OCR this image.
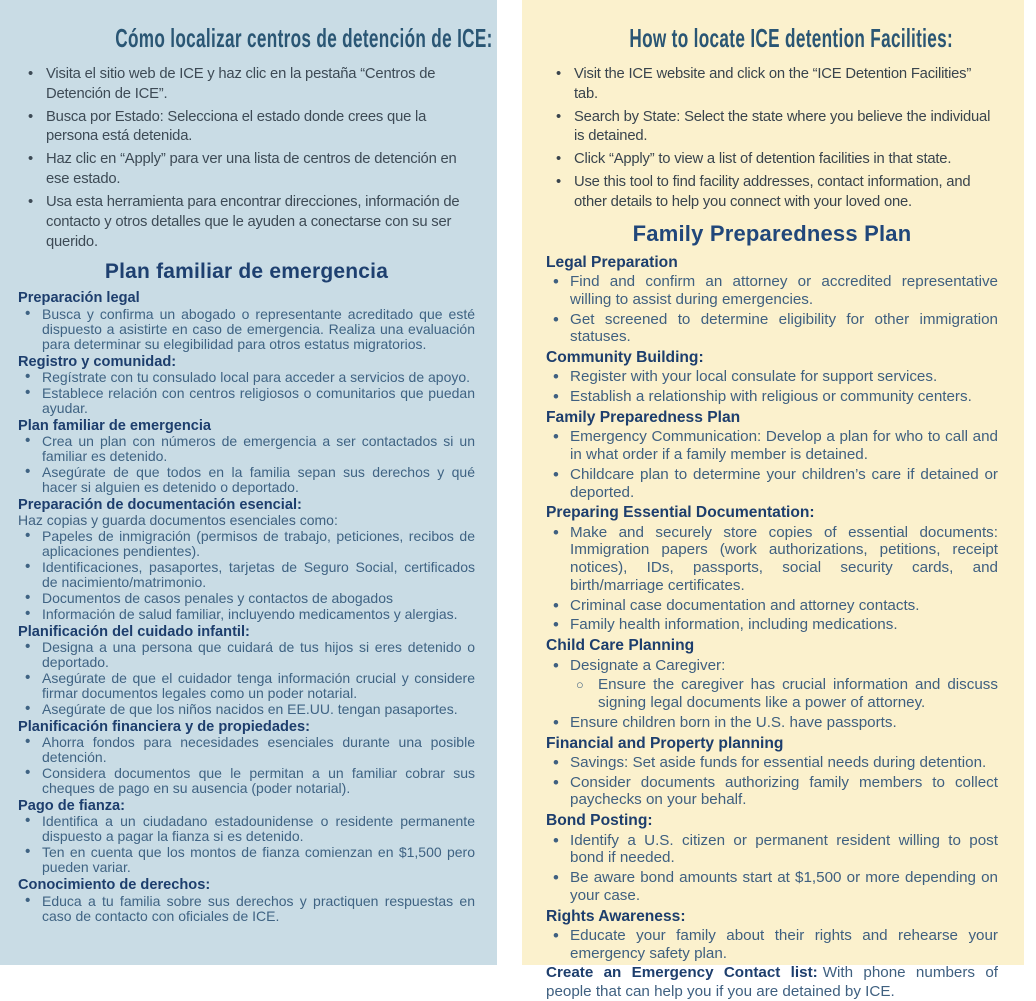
Cómo localizar centros de detención de ICE:
• Visita el sitio web de ICE y haz clic en la pestaña “Centros de Detención de ICE”.
• Busca por Estado: Selecciona el estado donde crees que la persona está detenida.
• Haz clic en “Apply” para ver una lista de centros de detención en ese estado.
• Usa esta herramienta para encontrar direcciones, información de contacto y otros detalles que le ayuden a conectarse con su ser querido.
Plan familiar de emergencia
Preparación legal
• Busca y confirma un abogado o representante acreditado que esté dispuesto a asistirte en caso de emergencia. Realiza una evaluación para determinar su elegibilidad para otros estatus migratorios.
Registro y comunidad:
• Regístrate con tu consulado local para acceder a servicios de apoyo.
• Establece relación con centros religiosos o comunitarios que puedan ayudar.
Plan familiar de emergencia
• Crea un plan con números de emergencia a ser contactados si un familiar es detenido.
• Asegúrate de que todos en la familia sepan sus derechos y qué hacer si alguien es detenido o deportado.
Preparación de documentación esencial:

Haz copias y guarda documentos esenciales como:

• Papeles de inmigración (permisos de trabajo, peticiones, recibos de aplicaciones pendientes).
• Identificaciones, pasaportes, tarjetas de Seguro Social, certificados de nacimiento/matrimonio.
• Documentos de casos penales y contactos de abogados
• Información de salud familiar, incluyendo medicamentos y alergias.
Planificación del cuidado infantil:
• Designa a una persona que cuidará de tus hijos si eres detenido o deportado.
• Asegúrate de que el cuidador tenga información crucial y considere firmar documentos legales como un poder notarial.
• Asegúrate de que los niños nacidos en EE.UU. tengan pasaportes.
Planificación financiera y de propiedades:
• Ahorra fondos para necesidades esenciales durante una posible detención.
• Considera documentos que le permitan a un familiar cobrar sus cheques de pago en su ausencia (poder notarial).
Pago de fianza:
• Identifica a un ciudadano estadounidense o residente permanente dispuesto a pagar la fianza si es detenido.
• Ten en cuenta que los montos de fianza comienzan en $1,500 pero pueden variar.
Conocimiento de derechos:
• Educa a tu familia sobre sus derechos y practiquen respuestas en caso de contacto con oficiales de ICE.
How to locate ICE detention Facilities:
• Visit the ICE website and click on the “ICE Detention Facilities” tab.
• Search by State: Select the state where you believe the individual is detained.
• Click “Apply” to view a list of detention facilities in that state.
• Use this tool to find facility addresses, contact information, and other details to help you connect with your loved one.
Family Preparedness Plan
Legal Preparation
• Find and confirm an attorney or accredited representative willing to assist during emergencies.
• Get screened to determine eligibility for other immigration statuses.
Community Building:
• Register with your local consulate for support services.
• Establish a relationship with religious or community centers.
Family Preparedness Plan
• Emergency Communication: Develop a plan for who to call and in what order if a family member is detained.
• Childcare plan to determine your children’s care if detained or deported.
Preparing Essential Documentation:
• Make and securely store copies of essential documents: Immigration papers (work authorizations, petitions, receipt notices), IDs, passports, social security cards, and birth/marriage certificates.
• Criminal case documentation and attorney contacts.
• Family health information, including medications.
Child Care Planning
• Designate a Caregiver:
○ Ensure the caregiver has crucial information and discuss signing legal documents like a power of attorney.
• Ensure children born in the U.S. have passports.
Financial and Property planning
• Savings: Set aside funds for essential needs during detention.
• Consider documents authorizing family members to collect paychecks on your behalf.
Bond Posting:
• Identify a U.S. citizen or permanent resident willing to post bond if needed.
• Be aware bond amounts start at $1,500 or more depending on your case.
Rights Awareness:
• Educate your family about their rights and rehearse your emergency safety plan.

Create an Emergency Contact list: With phone numbers of people that can help you if you are detained by ICE.
